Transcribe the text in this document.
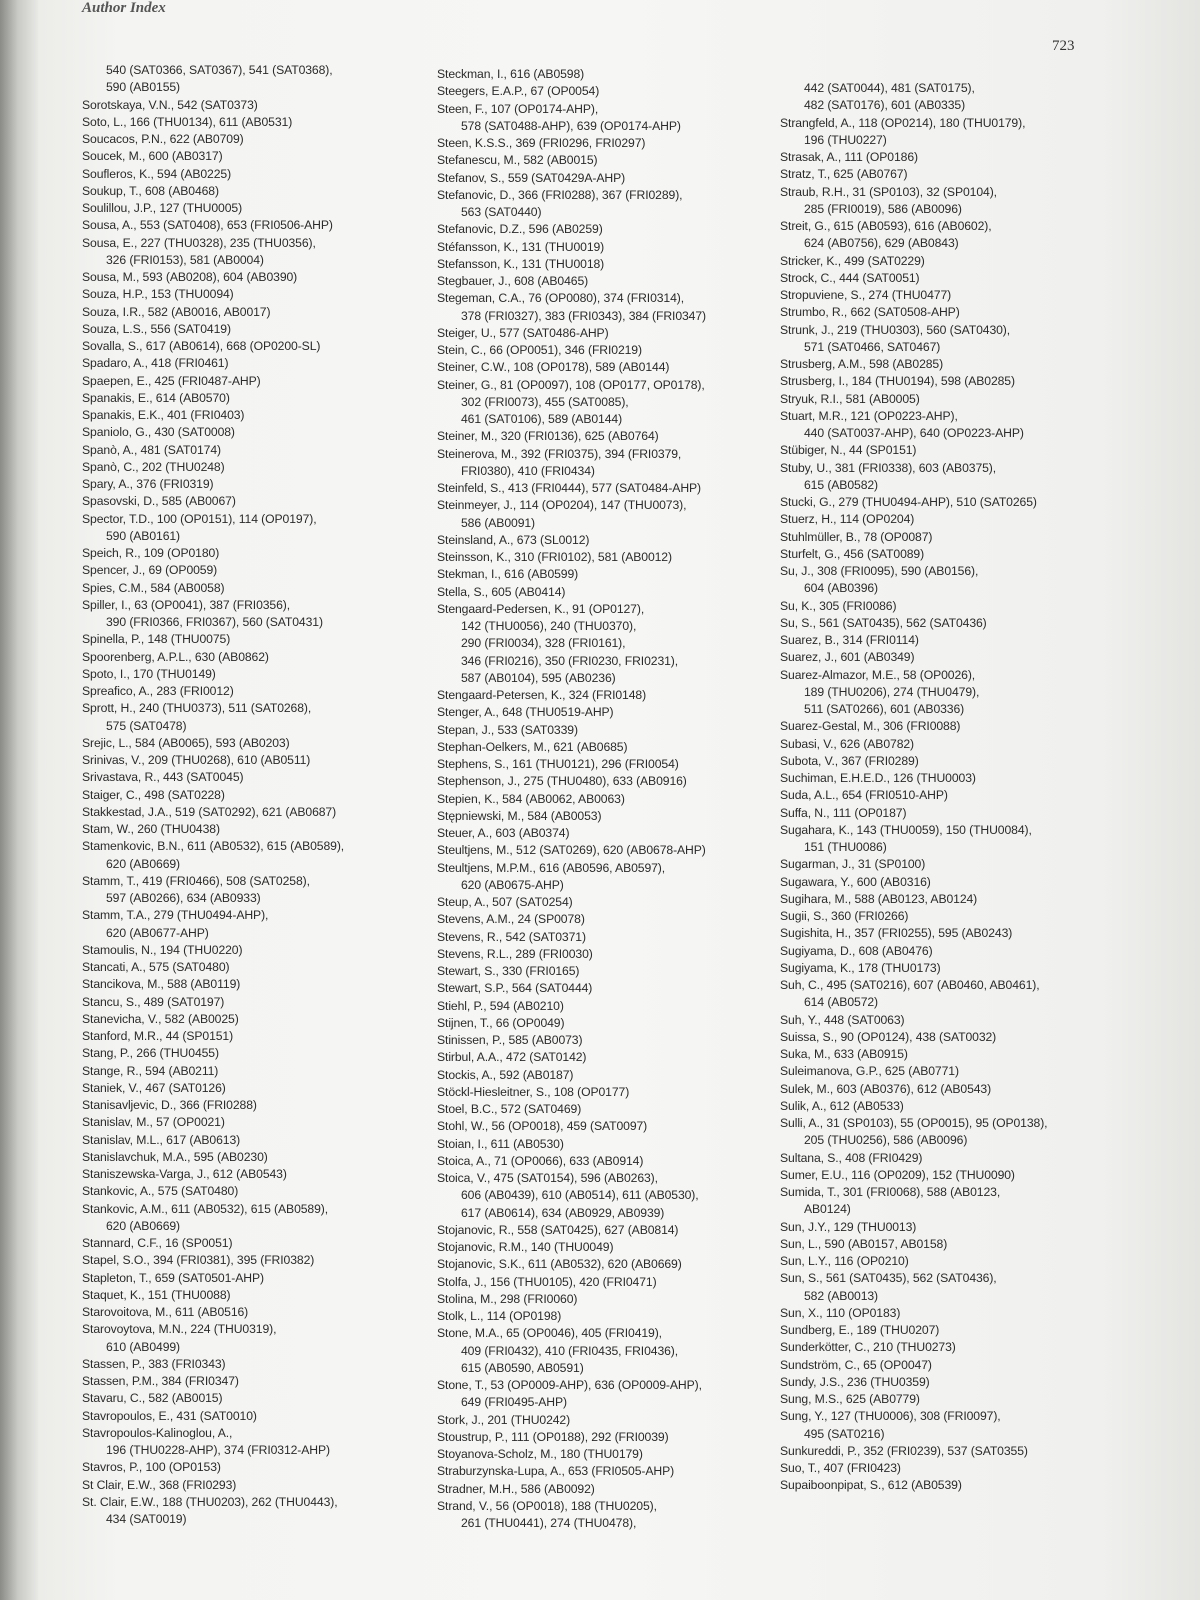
Author Index
723
540 (SAT0366, SAT0367), 541 (SAT0368),
590 (AB0155)
Sorotskaya, V.N., 542 (SAT0373)
Soto, L., 166 (THU0134), 611 (AB0531)
Soucacos, P.N., 622 (AB0709)
Soucek, M., 600 (AB0317)
Soufleros, K., 594 (AB0225)
Soukup, T., 608 (AB0468)
Soulillou, J.P., 127 (THU0005)
Sousa, A., 553 (SAT0408), 653 (FRI0506-AHP)
Sousa, E., 227 (THU0328), 235 (THU0356),
326 (FRI0153), 581 (AB0004)
Sousa, M., 593 (AB0208), 604 (AB0390)
Souza, H.P., 153 (THU0094)
Souza, I.R., 582 (AB0016, AB0017)
Souza, L.S., 556 (SAT0419)
Sovalla, S., 617 (AB0614), 668 (OP0200-SL)
Spadaro, A., 418 (FRI0461)
Spaepen, E., 425 (FRI0487-AHP)
Spanakis, E., 614 (AB0570)
Spanakis, E.K., 401 (FRI0403)
Spaniolo, G., 430 (SAT0008)
Spanò, A., 481 (SAT0174)
Spanò, C., 202 (THU0248)
Spary, A., 376 (FRI0319)
Spasovski, D., 585 (AB0067)
Spector, T.D., 100 (OP0151), 114 (OP0197),
590 (AB0161)
Speich, R., 109 (OP0180)
Spencer, J., 69 (OP0059)
Spies, C.M., 584 (AB0058)
Spiller, I., 63 (OP0041), 387 (FRI0356),
390 (FRI0366, FRI0367), 560 (SAT0431)
Spinella, P., 148 (THU0075)
Spoorenberg, A.P.L., 630 (AB0862)
Spoto, I., 170 (THU0149)
Spreafico, A., 283 (FRI0012)
Sprott, H., 240 (THU0373), 511 (SAT0268),
575 (SAT0478)
Srejic, L., 584 (AB0065), 593 (AB0203)
Srinivas, V., 209 (THU0268), 610 (AB0511)
Srivastava, R., 443 (SAT0045)
Staiger, C., 498 (SAT0228)
Stakkestad, J.A., 519 (SAT0292), 621 (AB0687)
Stam, W., 260 (THU0438)
Stamenkovic, B.N., 611 (AB0532), 615 (AB0589),
620 (AB0669)
Stamm, T., 419 (FRI0466), 508 (SAT0258),
597 (AB0266), 634 (AB0933)
Stamm, T.A., 279 (THU0494-AHP),
620 (AB0677-AHP)
Stamoulis, N., 194 (THU0220)
Stancati, A., 575 (SAT0480)
Stancikova, M., 588 (AB0119)
Stancu, S., 489 (SAT0197)
Stanevicha, V., 582 (AB0025)
Stanford, M.R., 44 (SP0151)
Stang, P., 266 (THU0455)
Stange, R., 594 (AB0211)
Staniek, V., 467 (SAT0126)
Stanisavljevic, D., 366 (FRI0288)
Stanislav, M., 57 (OP0021)
Stanislav, M.L., 617 (AB0613)
Stanislavchuk, M.A., 595 (AB0230)
Staniszewska-Varga, J., 612 (AB0543)
Stankovic, A., 575 (SAT0480)
Stankovic, A.M., 611 (AB0532), 615 (AB0589),
620 (AB0669)
Stannard, C.F., 16 (SP0051)
Stapel, S.O., 394 (FRI0381), 395 (FRI0382)
Stapleton, T., 659 (SAT0501-AHP)
Staquet, K., 151 (THU0088)
Starovoitova, M., 611 (AB0516)
Starovoytova, M.N., 224 (THU0319),
610 (AB0499)
Stassen, P., 383 (FRI0343)
Stassen, P.M., 384 (FRI0347)
Stavaru, C., 582 (AB0015)
Stavropoulos, E., 431 (SAT0010)
Stavropoulos-Kalinoglou, A.,
196 (THU0228-AHP), 374 (FRI0312-AHP)
Stavros, P., 100 (OP0153)
St Clair, E.W., 368 (FRI0293)
St. Clair, E.W., 188 (THU0203), 262 (THU0443),
434 (SAT0019)
Steckman, I., 616 (AB0598)
Steegers, E.A.P., 67 (OP0054)
Steen, F., 107 (OP0174-AHP),
578 (SAT0488-AHP), 639 (OP0174-AHP)
Steen, K.S.S., 369 (FRI0296, FRI0297)
Stefanescu, M., 582 (AB0015)
Stefanov, S., 559 (SAT0429A-AHP)
Stefanovic, D., 366 (FRI0288), 367 (FRI0289),
563 (SAT0440)
Stefanovic, D.Z., 596 (AB0259)
Stéfansson, K., 131 (THU0019)
Stefansson, K., 131 (THU0018)
Stegbauer, J., 608 (AB0465)
Stegeman, C.A., 76 (OP0080), 374 (FRI0314),
378 (FRI0327), 383 (FRI0343), 384 (FRI0347)
Steiger, U., 577 (SAT0486-AHP)
Stein, C., 66 (OP0051), 346 (FRI0219)
Steiner, C.W., 108 (OP0178), 589 (AB0144)
Steiner, G., 81 (OP0097), 108 (OP0177, OP0178),
302 (FRI0073), 455 (SAT0085),
461 (SAT0106), 589 (AB0144)
Steiner, M., 320 (FRI0136), 625 (AB0764)
Steinerova, M., 392 (FRI0375), 394 (FRI0379,
FRI0380), 410 (FRI0434)
Steinfeld, S., 413 (FRI0444), 577 (SAT0484-AHP)
Steinmeyer, J., 114 (OP0204), 147 (THU0073),
586 (AB0091)
Steinsland, A., 673 (SL0012)
Steinsson, K., 310 (FRI0102), 581 (AB0012)
Stekman, I., 616 (AB0599)
Stella, S., 605 (AB0414)
Stengaard-Pedersen, K., 91 (OP0127),
142 (THU0056), 240 (THU0370),
290 (FRI0034), 328 (FRI0161),
346 (FRI0216), 350 (FRI0230, FRI0231),
587 (AB0104), 595 (AB0236)
Stengaard-Petersen, K., 324 (FRI0148)
Stenger, A., 648 (THU0519-AHP)
Stepan, J., 533 (SAT0339)
Stephan-Oelkers, M., 621 (AB0685)
Stephens, S., 161 (THU0121), 296 (FRI0054)
Stephenson, J., 275 (THU0480), 633 (AB0916)
Stepien, K., 584 (AB0062, AB0063)
Stępniewski, M., 584 (AB0053)
Steuer, A., 603 (AB0374)
Steultjens, M., 512 (SAT0269), 620 (AB0678-AHP)
Steultjens, M.P.M., 616 (AB0596, AB0597),
620 (AB0675-AHP)
Steup, A., 507 (SAT0254)
Stevens, A.M., 24 (SP0078)
Stevens, R., 542 (SAT0371)
Stevens, R.L., 289 (FRI0030)
Stewart, S., 330 (FRI0165)
Stewart, S.P., 564 (SAT0444)
Stiehl, P., 594 (AB0210)
Stijnen, T., 66 (OP0049)
Stinissen, P., 585 (AB0073)
Stirbul, A.A., 472 (SAT0142)
Stockis, A., 592 (AB0187)
Stöckl-Hiesleitner, S., 108 (OP0177)
Stoel, B.C., 572 (SAT0469)
Stohl, W., 56 (OP0018), 459 (SAT0097)
Stoian, I., 611 (AB0530)
Stoica, A., 71 (OP0066), 633 (AB0914)
Stoica, V., 475 (SAT0154), 596 (AB0263),
606 (AB0439), 610 (AB0514), 611 (AB0530),
617 (AB0614), 634 (AB0929, AB0939)
Stojanovic, R., 558 (SAT0425), 627 (AB0814)
Stojanovic, R.M., 140 (THU0049)
Stojanovic, S.K., 611 (AB0532), 620 (AB0669)
Stolfa, J., 156 (THU0105), 420 (FRI0471)
Stolina, M., 298 (FRI0060)
Stolk, L., 114 (OP0198)
Stone, M.A., 65 (OP0046), 405 (FRI0419),
409 (FRI0432), 410 (FRI0435, FRI0436),
615 (AB0590, AB0591)
Stone, T., 53 (OP0009-AHP), 636 (OP0009-AHP),
649 (FRI0495-AHP)
Stork, J., 201 (THU0242)
Stoustrup, P., 111 (OP0188), 292 (FRI0039)
Stoyanova-Scholz, M., 180 (THU0179)
Straburzynska-Lupa, A., 653 (FRI0505-AHP)
Stradner, M.H., 586 (AB0092)
Strand, V., 56 (OP0018), 188 (THU0205),
261 (THU0441), 274 (THU0478),
442 (SAT0044), 481 (SAT0175),
482 (SAT0176), 601 (AB0335)
Strangfeld, A., 118 (OP0214), 180 (THU0179),
196 (THU0227)
Strasak, A., 111 (OP0186)
Stratz, T., 625 (AB0767)
Straub, R.H., 31 (SP0103), 32 (SP0104),
285 (FRI0019), 586 (AB0096)
Streit, G., 615 (AB0593), 616 (AB0602),
624 (AB0756), 629 (AB0843)
Stricker, K., 499 (SAT0229)
Strock, C., 444 (SAT0051)
Stropuviene, S., 274 (THU0477)
Strumbo, R., 662 (SAT0508-AHP)
Strunk, J., 219 (THU0303), 560 (SAT0430),
571 (SAT0466, SAT0467)
Strusberg, A.M., 598 (AB0285)
Strusberg, I., 184 (THU0194), 598 (AB0285)
Stryuk, R.I., 581 (AB0005)
Stuart, M.R., 121 (OP0223-AHP),
440 (SAT0037-AHP), 640 (OP0223-AHP)
Stübiger, N., 44 (SP0151)
Stuby, U., 381 (FRI0338), 603 (AB0375),
615 (AB0582)
Stucki, G., 279 (THU0494-AHP), 510 (SAT0265)
Stuerz, H., 114 (OP0204)
Stuhlmüller, B., 78 (OP0087)
Sturfelt, G., 456 (SAT0089)
Su, J., 308 (FRI0095), 590 (AB0156),
604 (AB0396)
Su, K., 305 (FRI0086)
Su, S., 561 (SAT0435), 562 (SAT0436)
Suarez, B., 314 (FRI0114)
Suarez, J., 601 (AB0349)
Suarez-Almazor, M.E., 58 (OP0026),
189 (THU0206), 274 (THU0479),
511 (SAT0266), 601 (AB0336)
Suarez-Gestal, M., 306 (FRI0088)
Subasi, V., 626 (AB0782)
Subota, V., 367 (FRI0289)
Suchiman, E.H.E.D., 126 (THU0003)
Suda, A.L., 654 (FRI0510-AHP)
Suffa, N., 111 (OP0187)
Sugahara, K., 143 (THU0059), 150 (THU0084),
151 (THU0086)
Sugarman, J., 31 (SP0100)
Sugawara, Y., 600 (AB0316)
Sugihara, M., 588 (AB0123, AB0124)
Sugii, S., 360 (FRI0266)
Sugishita, H., 357 (FRI0255), 595 (AB0243)
Sugiyama, D., 608 (AB0476)
Sugiyama, K., 178 (THU0173)
Suh, C., 495 (SAT0216), 607 (AB0460, AB0461),
614 (AB0572)
Suh, Y., 448 (SAT0063)
Suissa, S., 90 (OP0124), 438 (SAT0032)
Suka, M., 633 (AB0915)
Suleimanova, G.P., 625 (AB0771)
Sulek, M., 603 (AB0376), 612 (AB0543)
Sulik, A., 612 (AB0533)
Sulli, A., 31 (SP0103), 55 (OP0015), 95 (OP0138),
205 (THU0256), 586 (AB0096)
Sultana, S., 408 (FRI0429)
Sumer, E.U., 116 (OP0209), 152 (THU0090)
Sumida, T., 301 (FRI0068), 588 (AB0123,
AB0124)
Sun, J.Y., 129 (THU0013)
Sun, L., 590 (AB0157, AB0158)
Sun, L.Y., 116 (OP0210)
Sun, S., 561 (SAT0435), 562 (SAT0436),
582 (AB0013)
Sun, X., 110 (OP0183)
Sundberg, E., 189 (THU0207)
Sunderkötter, C., 210 (THU0273)
Sundström, C., 65 (OP0047)
Sundy, J.S., 236 (THU0359)
Sung, M.S., 625 (AB0779)
Sung, Y., 127 (THU0006), 308 (FRI0097),
495 (SAT0216)
Sunkureddi, P., 352 (FRI0239), 537 (SAT0355)
Suo, T., 407 (FRI0423)
Supaiboonpipat, S., 612 (AB0539)
